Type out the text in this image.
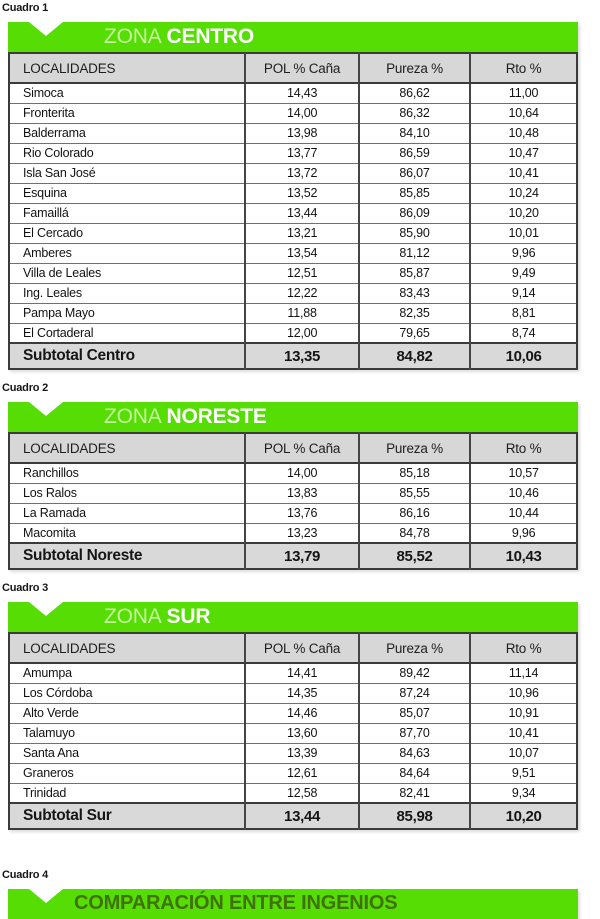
Cuadro 1
ZONA CENTRO
LOCALIDADES	POL % Caña	Pureza %	Rto %
Simoca	14,43	86,62	11,00
Fronterita	14,00	86,32	10,64
Balderrama	13,98	84,10	10,48
Rio Colorado	13,77	86,59	10,47
Isla San José	13,72	86,07	10,41
Esquina	13,52	85,85	10,24
Famaillá	13,44	86,09	10,20
El Cercado	13,21	85,90	10,01
Amberes	13,54	81,12	9,96
Villa de Leales	12,51	85,87	9,49
Ing. Leales	12,22	83,43	9,14
Pampa Mayo	11,88	82,35	8,81
El Cortaderal	12,00	79,65	8,74
Subtotal Centro	13,35	84,82	10,06
Cuadro 2
ZONA NORESTE
LOCALIDADES	POL % Caña	Pureza %	Rto %
Ranchillos	14,00	85,18	10,57
Los Ralos	13,83	85,55	10,46
La Ramada	13,76	86,16	10,44
Macomita	13,23	84,78	9,96
Subtotal Noreste	13,79	85,52	10,43
Cuadro 3
ZONA SUR
LOCALIDADES	POL % Caña	Pureza %	Rto %
Amumpa	14,41	89,42	11,14
Los Córdoba	14,35	87,24	10,96
Alto Verde	14,46	85,07	10,91
Talamuyo	13,60	87,70	10,41
Santa Ana	13,39	84,63	10,07
Graneros	12,61	84,64	9,51
Trinidad	12,58	82,41	9,34
Subtotal Sur	13,44	85,98	10,20
Cuadro 4
COMPARACIÓN ENTRE INGENIOS
